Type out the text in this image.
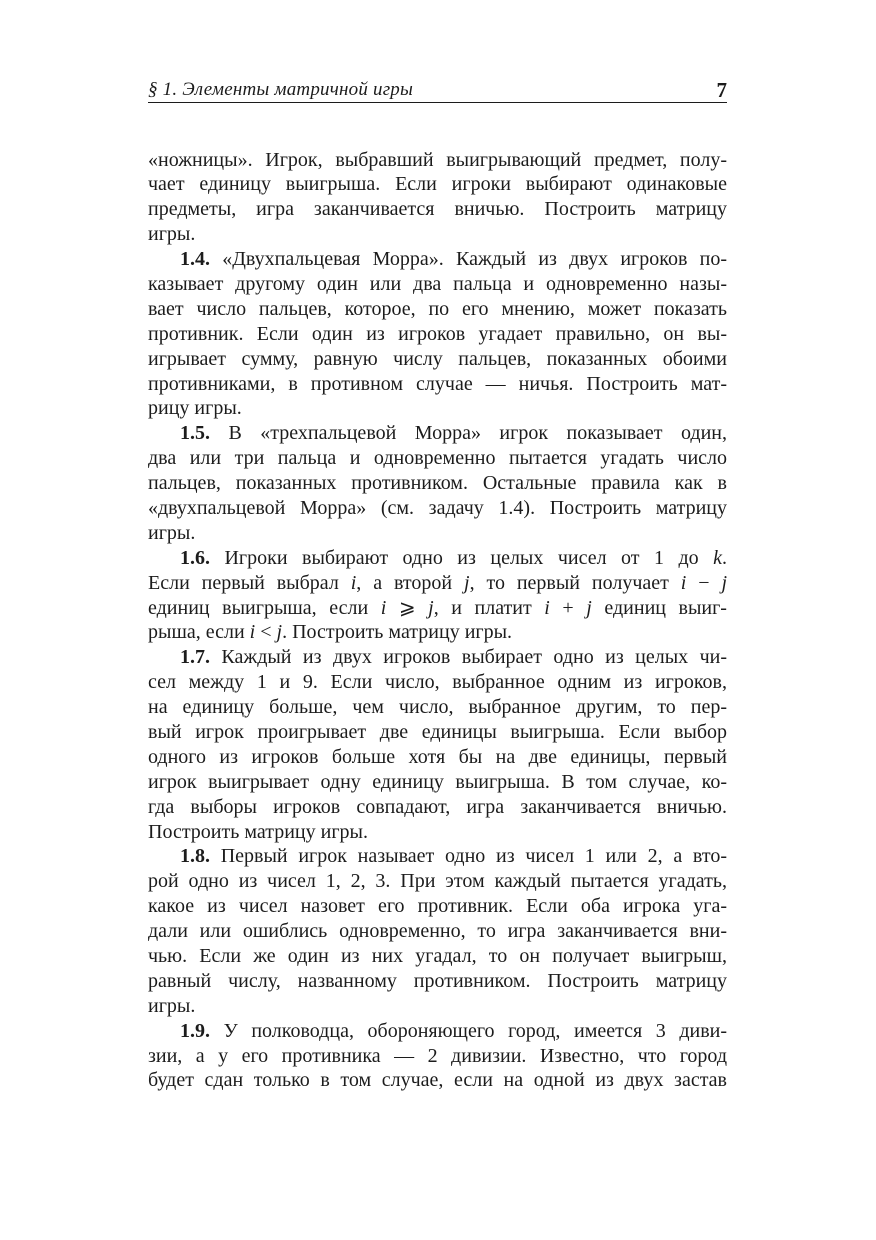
§ 1. Элементы матричной игры	7
«ножницы». Игрок, выбравший выигрывающий предмет, полу-
чает единицу выигрыша. Если игроки выбирают одинаковые
предметы, игра заканчивается вничью. Построить матрицу
игры.
1.4. «Двухпальцевая Морра». Каждый из двух игроков по-
казывает другому один или два пальца и одновременно назы-
вает число пальцев, которое, по его мнению, может показать
противник. Если один из игроков угадает правильно, он вы-
игрывает сумму, равную числу пальцев, показанных обоими
противниками, в противном случае — ничья. Построить мат-
рицу игры.
1.5. В «трехпальцевой Морра» игрок показывает один,
два или три пальца и одновременно пытается угадать число
пальцев, показанных противником. Остальные правила как в
«двухпальцевой Морра» (см. задачу 1.4). Построить матрицу
игры.
1.6. Игроки выбирают одно из целых чисел от 1 до k.
Если первый выбрал i, а второй j, то первый получает i − j
единиц выигрыша, если i ⩾ j, и платит i + j единиц выиг-
рыша, если i < j. Построить матрицу игры.
1.7. Каждый из двух игроков выбирает одно из целых чи-
сел между 1 и 9. Если число, выбранное одним из игроков,
на единицу больше, чем число, выбранное другим, то пер-
вый игрок проигрывает две единицы выигрыша. Если выбор
одного из игроков больше хотя бы на две единицы, первый
игрок выигрывает одну единицу выигрыша. В том случае, ко-
гда выборы игроков совпадают, игра заканчивается вничью.
Построить матрицу игры.
1.8. Первый игрок называет одно из чисел 1 или 2, а вто-
рой одно из чисел 1, 2, 3. При этом каждый пытается угадать,
какое из чисел назовет его противник. Если оба игрока уга-
дали или ошиблись одновременно, то игра заканчивается вни-
чью. Если же один из них угадал, то он получает выигрыш,
равный числу, названному противником. Построить матрицу
игры.
1.9. У полководца, обороняющего город, имеется 3 диви-
зии, а у его противника — 2 дивизии. Известно, что город
будет сдан только в том случае, если на одной из двух застав
